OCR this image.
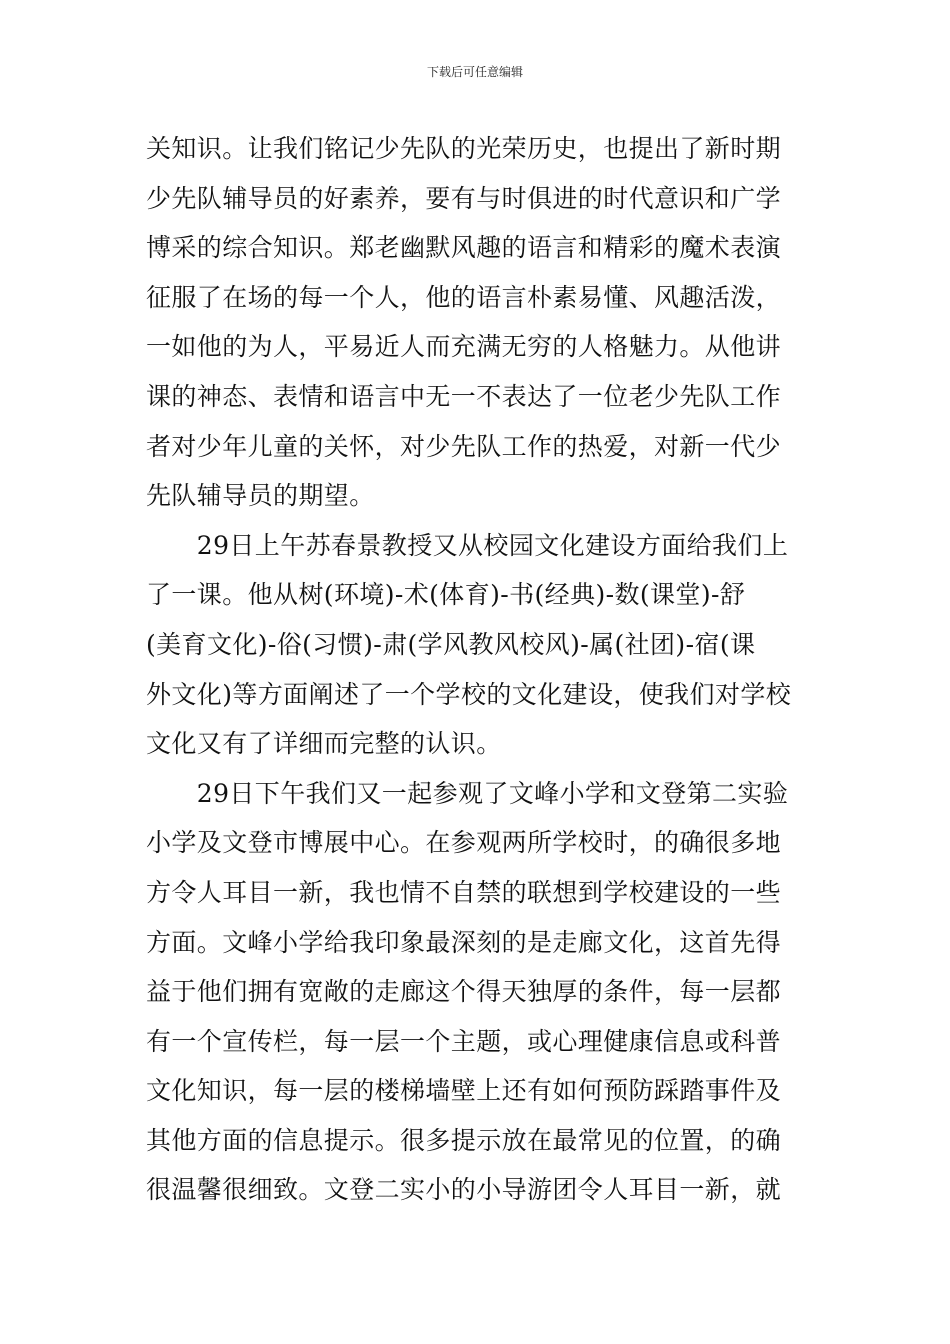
下载后可任意编辑
关知识。让我们铭记少先队的光荣历史，也提出了新时期
少先队辅导员的好素养，要有与时俱进的时代意识和广学
博采的综合知识。郑老幽默风趣的语言和精彩的魔术表演
征服了在场的每一个人，他的语言朴素易懂、风趣活泼，
一如他的为人，平易近人而充满无穷的人格魅力。从他讲
课的神态、表情和语言中无一不表达了一位老少先队工作
者对少年儿童的关怀，对少先队工作的热爱，对新一代少
先队辅导员的期望。
　　29日上午苏春景教授又从校园文化建设方面给我们上
了一课。他从树(环境)-术(体育)-书(经典)-数(课堂)-舒
(美育文化)-俗(习惯)-肃(学风教风校风)-属(社团)-宿(课
外文化)等方面阐述了一个学校的文化建设，使我们对学校
文化又有了详细而完整的认识。
　　29日下午我们又一起参观了文峰小学和文登第二实验
小学及文登市博展中心。在参观两所学校时，的确很多地
方令人耳目一新，我也情不自禁的联想到学校建设的一些
方面。文峰小学给我印象最深刻的是走廊文化，这首先得
益于他们拥有宽敞的走廊这个得天独厚的条件，每一层都
有一个宣传栏，每一层一个主题，或心理健康信息或科普
文化知识，每一层的楼梯墙壁上还有如何预防踩踏事件及
其他方面的信息提示。很多提示放在最常见的位置，的确
很温馨很细致。文登二实小的小导游团令人耳目一新，就
